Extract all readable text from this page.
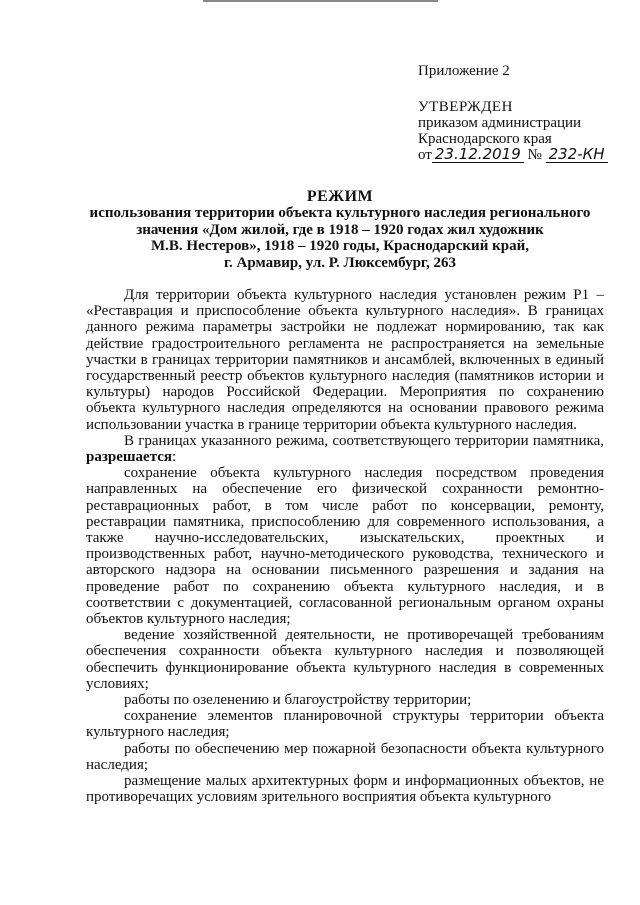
Приложение 2
УТВЕРЖДЕН
приказом администрации
Краснодарского края
от 23.12.2019 № 232-КН
РЕЖИМ
использования территории объекта культурного наследия регионального
значения «Дом жилой, где в 1918 – 1920 годах жил художник
М.В. Нестеров», 1918 – 1920 годы, Краснодарский край,
г. Армавир, ул. Р. Люксембург, 263

Для территории объекта культурного наследия установлен режим Р1 – «Реставрация и приспособление объекта культурного наследия». В границах данного режима параметры застройки не подлежат нормированию, так как действие градостроительного регламента не распространяется на земельные участки в границах территории памятников и ансамблей, включенных в единый государственный реестр объектов культурного наследия (памятников истории и культуры) народов Российской Федерации. Мероприятия по сохранению объекта культурного наследия определяются на основании правового режима использовании участка в границе территории объекта культурного наследия.

В границах указанного режима, соответствующего территории памятника, разрешается:

сохранение объекта культурного наследия посредством проведения направленных на обеспечение его физической сохранности ремонтно-реставрационных работ, в том числе работ по консервации, ремонту, реставрации памятника, приспособлению для современного использования, а также научно-исследовательских, изыскательских, проектных и производственных работ, научно-методического руководства, технического и авторского надзора на основании письменного разрешения и задания на проведение работ по сохранению объекта культурного наследия, и в соответствии с документацией, согласованной региональным органом охраны объектов культурного наследия;

ведение хозяйственной деятельности, не противоречащей требованиям обеспечения сохранности объекта культурного наследия и позволяющей обеспечить функционирование объекта культурного наследия в современных условиях;

работы по озеленению и благоустройству территории;

сохранение элементов планировочной структуры территории объекта культурного наследия;

работы по обеспечению мер пожарной безопасности объекта культурного наследия;

размещение малых архитектурных форм и информационных объектов, не противоречащих условиям зрительного восприятия объекта культурного
